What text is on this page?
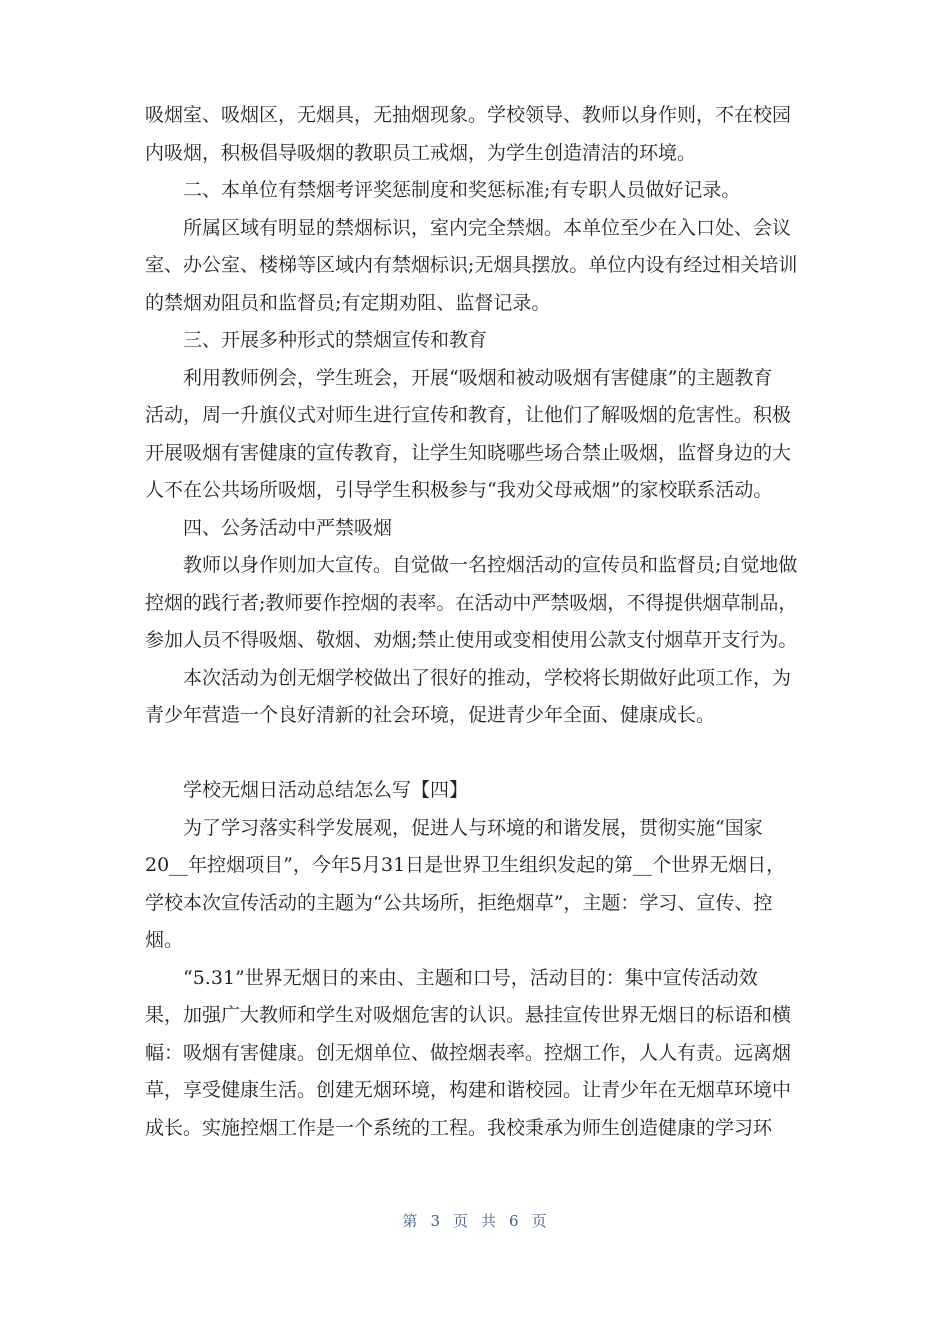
吸烟室、吸烟区，无烟具，无抽烟现象。学校领导、教师以身作则，不在校园
内吸烟，积极倡导吸烟的教职员工戒烟，为学生创造清洁的环境。
二、本单位有禁烟考评奖惩制度和奖惩标准;有专职人员做好记录。
所属区域有明显的禁烟标识，室内完全禁烟。本单位至少在入口处、会议
室、办公室、楼梯等区域内有禁烟标识;无烟具摆放。单位内设有经过相关培训
的禁烟劝阻员和监督员;有定期劝阻、监督记录。
三、开展多种形式的禁烟宣传和教育
利用教师例会，学生班会，开展“吸烟和被动吸烟有害健康”的主题教育
活动，周一升旗仪式对师生进行宣传和教育，让他们了解吸烟的危害性。积极
开展吸烟有害健康的宣传教育，让学生知晓哪些场合禁止吸烟，监督身边的大
人不在公共场所吸烟，引导学生积极参与“我劝父母戒烟”的家校联系活动。
四、公务活动中严禁吸烟
教师以身作则加大宣传。自觉做一名控烟活动的宣传员和监督员;自觉地做
控烟的践行者;教师要作控烟的表率。在活动中严禁吸烟，不得提供烟草制品，
参加人员不得吸烟、敬烟、劝烟;禁止使用或变相使用公款支付烟草开支行为。
本次活动为创无烟学校做出了很好的推动，学校将长期做好此项工作，为
青少年营造一个良好清新的社会环境，促进青少年全面、健康成长。
学校无烟日活动总结怎么写【四】
为了学习落实科学发展观，促进人与环境的和谐发展，贯彻实施“国家
20__年控烟项目”，今年5月31日是世界卫生组织发起的第__个世界无烟日，
学校本次宣传活动的主题为“公共场所，拒绝烟草”，主题：学习、宣传、控
烟。
“5.31”世界无烟日的来由、主题和口号，活动目的：集中宣传活动效
果，加强广大教师和学生对吸烟危害的认识。悬挂宣传世界无烟日的标语和横
幅：吸烟有害健康。创无烟单位、做控烟表率。控烟工作，人人有责。远离烟
草，享受健康生活。创建无烟环境，构建和谐校园。让青少年在无烟草环境中
成长。实施控烟工作是一个系统的工程。我校秉承为师生创造健康的学习环
第 3 页 共 6 页
